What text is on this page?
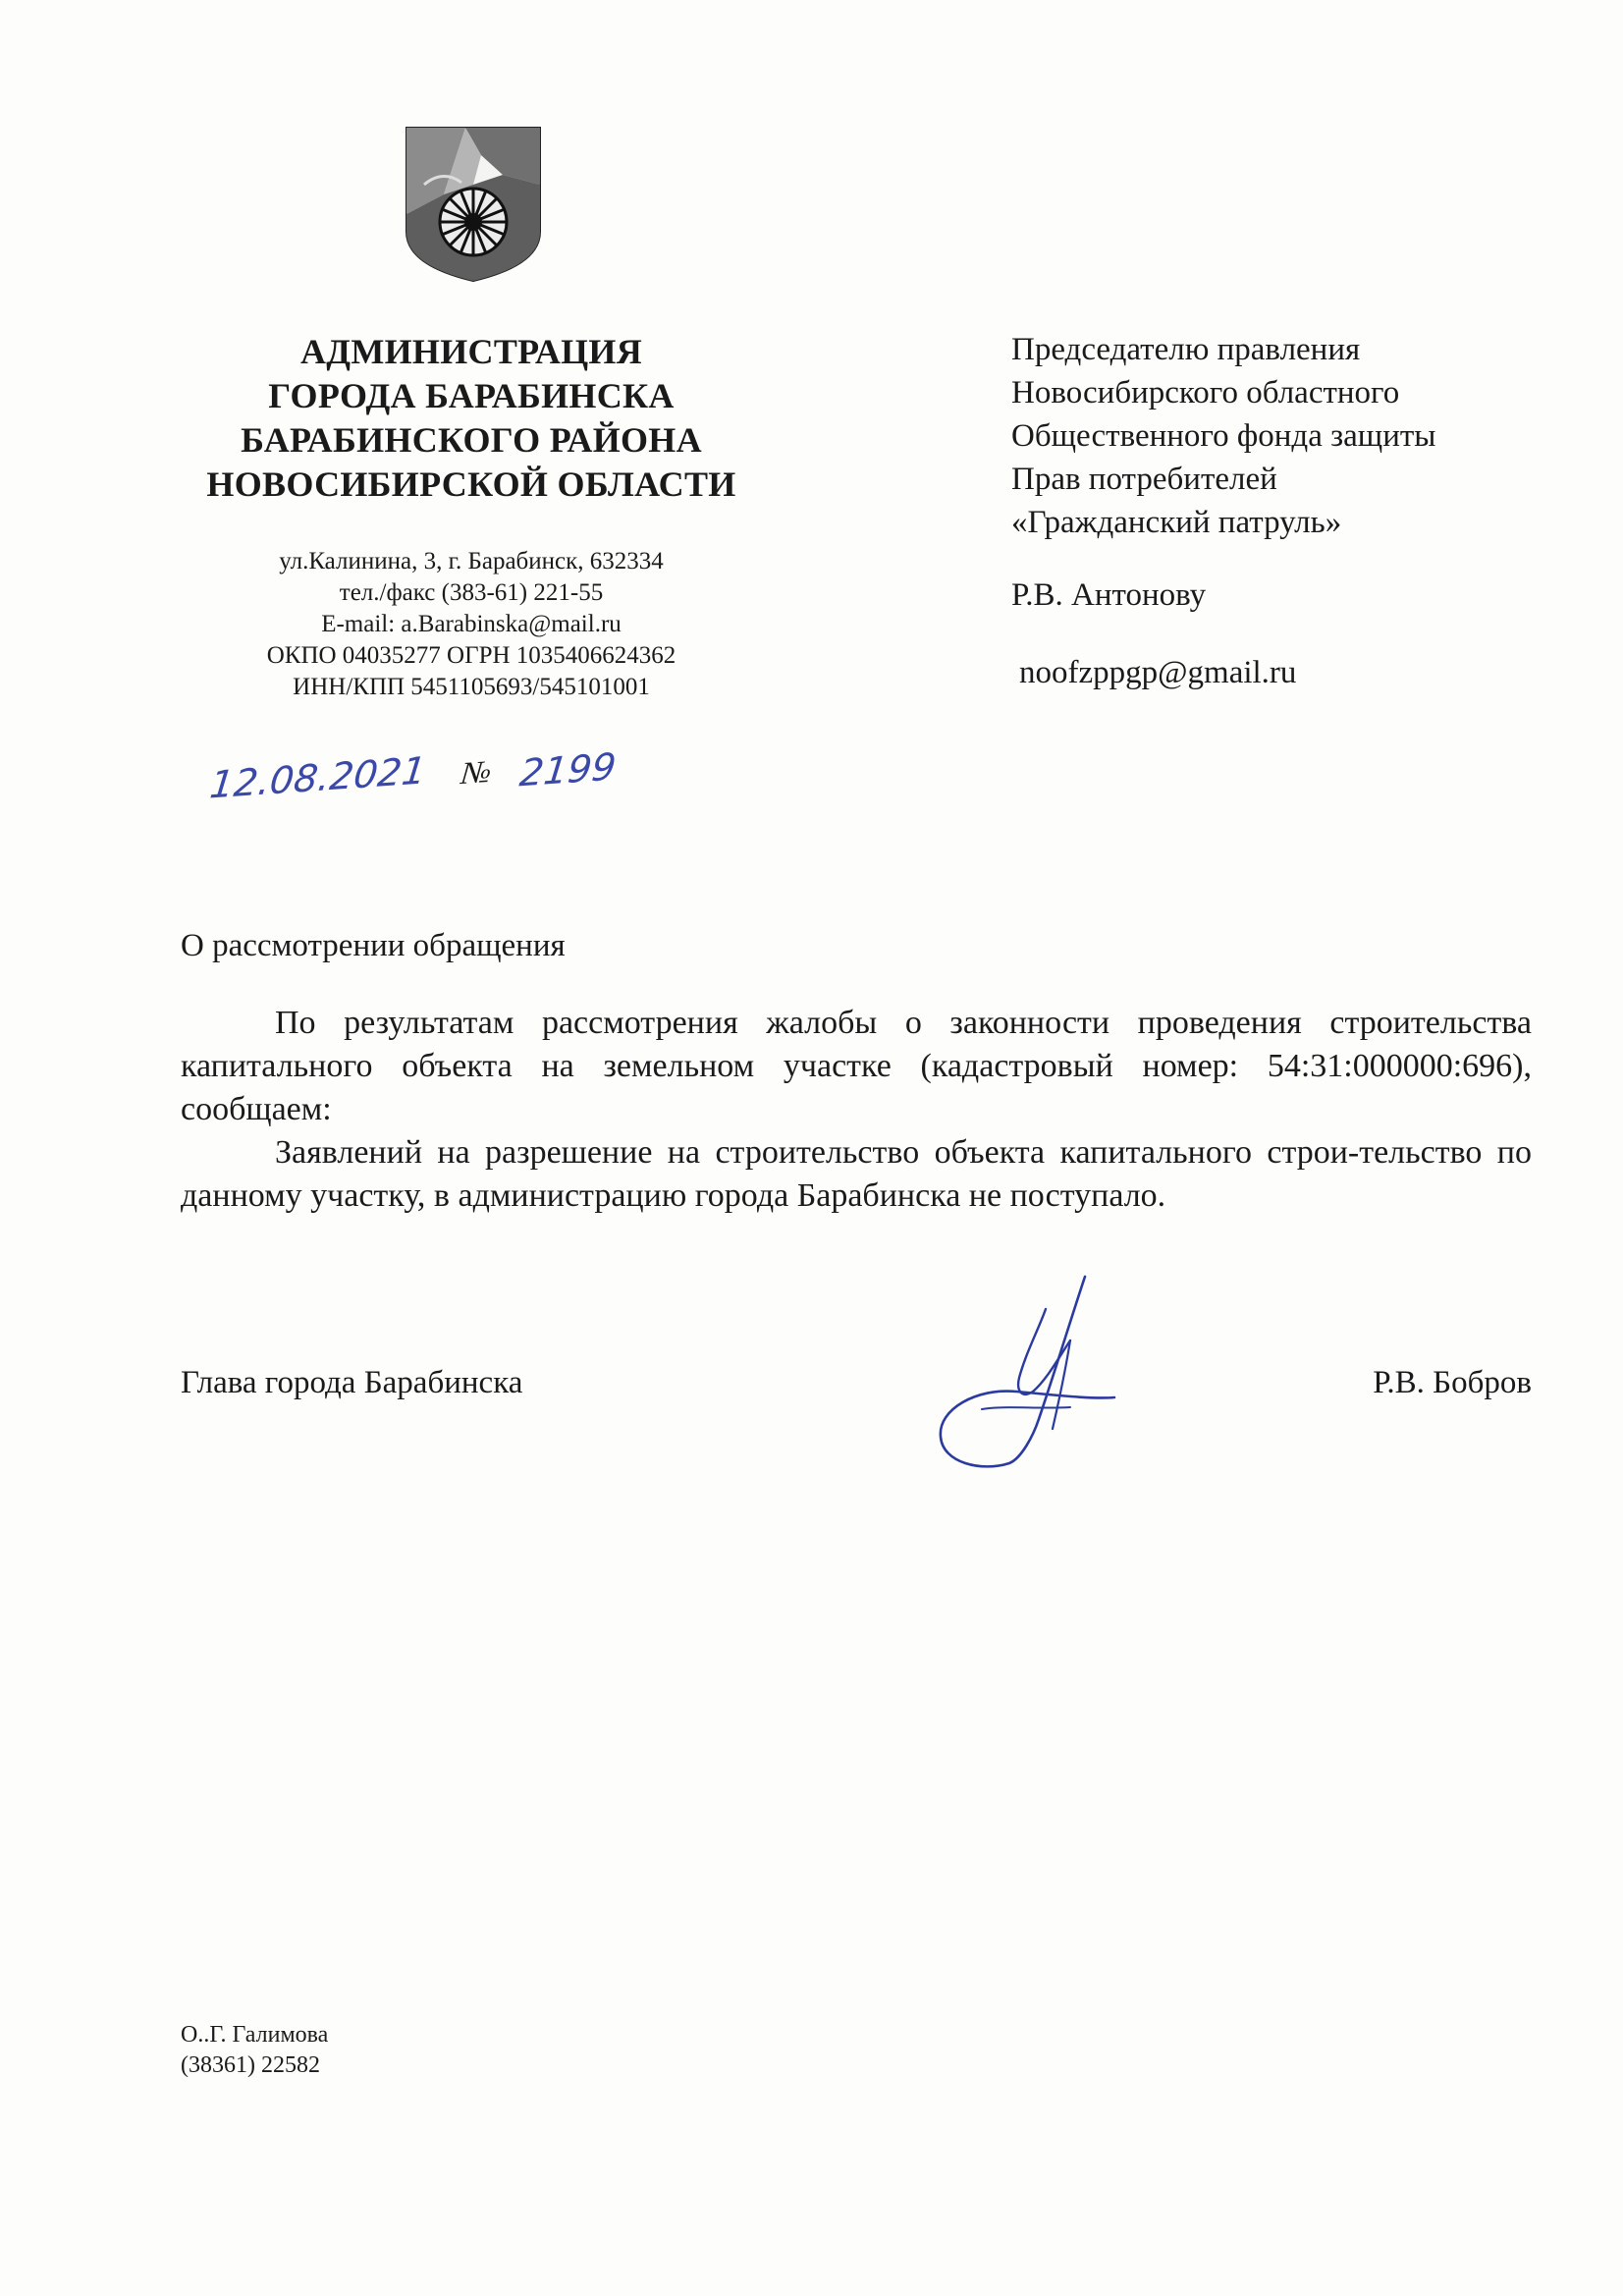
АДМИНИСТРАЦИЯ
ГОРОДА БАРАБИНСКА
БАРАБИНСКОГО РАЙОНА
НОВОСИБИРСКОЙ ОБЛАСТИ
ул.Калинина, 3, г. Барабинск, 632334
тел./факс (383-61) 221-55
E-mail: a.Barabinska@mail.ru
ОКПО 04035277 ОГРН 1035406624362
ИНН/КПП 5451105693/545101001
12.08.2021 № 2199
Председателю правления
Новосибирского областного
Общественного фонда защиты
Прав потребителей
«Гражданский патруль»
Р.В. Антонову
noofzppgp@gmail.ru
О рассмотрении обращения

По результатам рассмотрения жалобы о законности проведения строительства капитального объекта на земельном участке (кадастровый номер: 54:31:000000:696), сообщаем:

Заявлений на разрешение на строительство объекта капитального строи-тельство по данному участку, в администрацию города Барабинска не поступало.

Глава города Барабинска	Р.В. Бобров
О..Г. Галимова
(38361) 22582
